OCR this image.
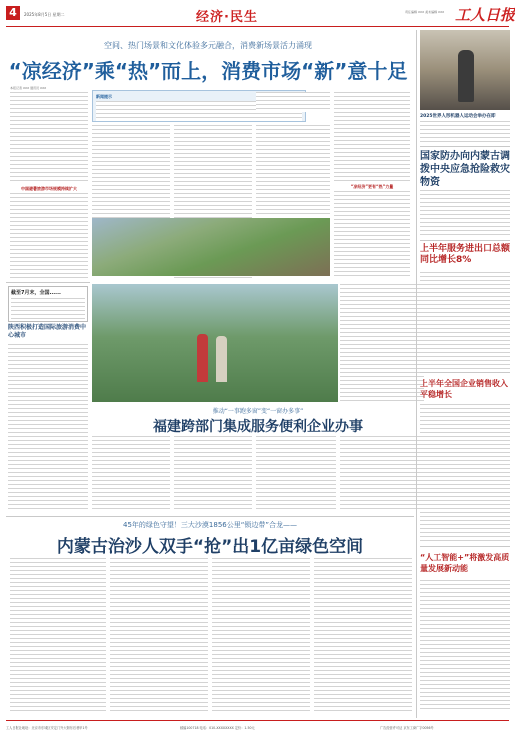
4	2025年8月5日 星期二	经济·民生	责任编辑 XXX 美术编辑 XXX 工人日报
空间、热门场景和文化体验多元融合，消费新场景活力涌现
“凉经济”乘“热”而上，消费市场“新”意十足
本报记者 XXX 通讯员 XXX
中国避暑旅游市场规模持续扩大
新闻提示
“凉经济”更有“热”力量
截至7月末，全国......
陕西积极打造国际旅游消费中心城市
推动“一事跑多窗”变“一窗办多事”
福建跨部门集成服务便利企业办事
2025世界人形机器人运动会举办在即
国家防办向内蒙古调拨中央应急抢险救灾物资
上半年服务进出口总额同比增长8%
上半年全国企业销售收入平稳增长
“人工智能+”将激发高质量发展新动能
45年的绿色守望！三大沙漠1856公里“锁边带”合龙——
内蒙古治沙人双手“抢”出1亿亩绿色空间
工人日报社地址：北京市东城区安定门外大街东后巷甲1号	邮编100718 电话：010-XXXXXXXX 定价：1.50元	广告经营许可证 京东工商广字0056号
